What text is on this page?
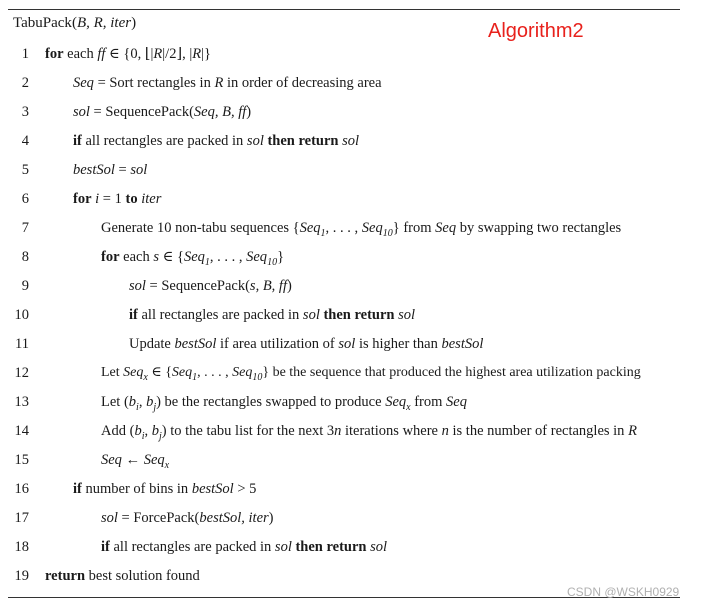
TabuPack(B, R, iter)	Algorithm2
1 for each ff ∈ {0, ⌊|R|/2⌋, |R|}
2	Seq = Sort rectangles in R in order of decreasing area
3	sol = SequencePack(Seq, B, ff)
4	if all rectangles are packed in sol then return sol
5	bestSol = sol
6	for i = 1 to iter
7	Generate 10 non-tabu sequences {Seq$_1$, . . . , Seq$_{10}$} from Seq by swapping two rectangles
8	for each s ∈ {Seq$_1$, . . . , Seq$_{10}$}
9	sol = SequencePack(s, B, ff)
10	if all rectangles are packed in sol then return sol
11	Update bestSol if area utilization of sol is higher than bestSol
12	Let Seq$_x$ ∈ {Seq$_1$, . . . , Seq$_{10}$} be the sequence that produced the highest area utilization packing
13	Let ($b_i$, $b_j$) be the rectangles swapped to produce Seq$_x$ from Seq
14	Add ($b_i$, $b_j$) to the tabu list for the next 3n iterations where n is the number of rectangles in R
15	Seq ← Seq$_x$
16	if number of bins in bestSol > 5
17	sol = ForcePack(bestSol, iter)
18	if all rectangles are packed in sol then return sol
19 return best solution found
CSDN @WSKH0929
